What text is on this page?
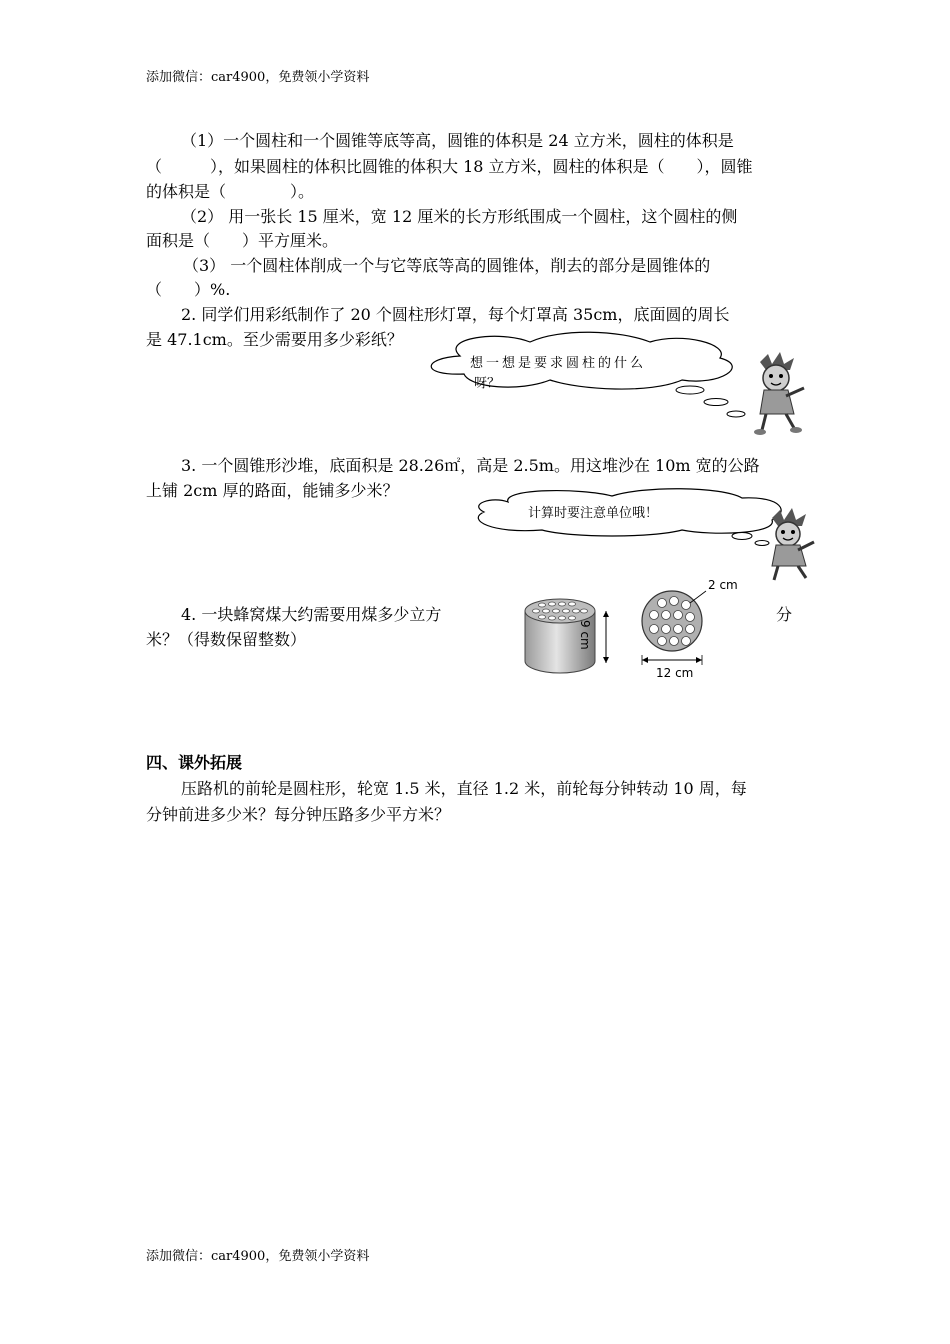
添加微信：car4900，免费领小学资料
（1）一个圆柱和一个圆锥等底等高，圆锥的体积是 24 立方米，圆柱的体积是
（　　　），如果圆柱的体积比圆锥的体积大 18 立方米，圆柱的体积是（　　），圆锥
的体积是（　　　　）。
（2） 用一张长 15 厘米，宽 12 厘米的长方形纸围成一个圆柱，这个圆柱的侧
面积是（　　）平方厘米。
（3） 一个圆柱体削成一个与它等底等高的圆锥体，削去的部分是圆锥体的
（　　）%.
2. 同学们用彩纸制作了 20 个圆柱形灯罩，每个灯罩高 35cm，底面圆的周长
是 47.1cm。至少需要用多少彩纸？
想一想是要求圆柱的什么
呀？
3. 一个圆锥形沙堆，底面积是 28.26㎡，高是 2.5m。用这堆沙在 10m 宽的公路
上铺 2cm 厚的路面，能铺多少米？
计算时要注意单位哦！
4. 一块蜂窝煤大约需要用煤多少立方	分
米？（得数保留整数）	9 cm
2 cm
12 cm
四、课外拓展
压路机的前轮是圆柱形，轮宽 1.5 米，直径 1.2 米，前轮每分钟转动 10 周，每
分钟前进多少米？每分钟压路多少平方米？
添加微信：car4900，免费领小学资料
